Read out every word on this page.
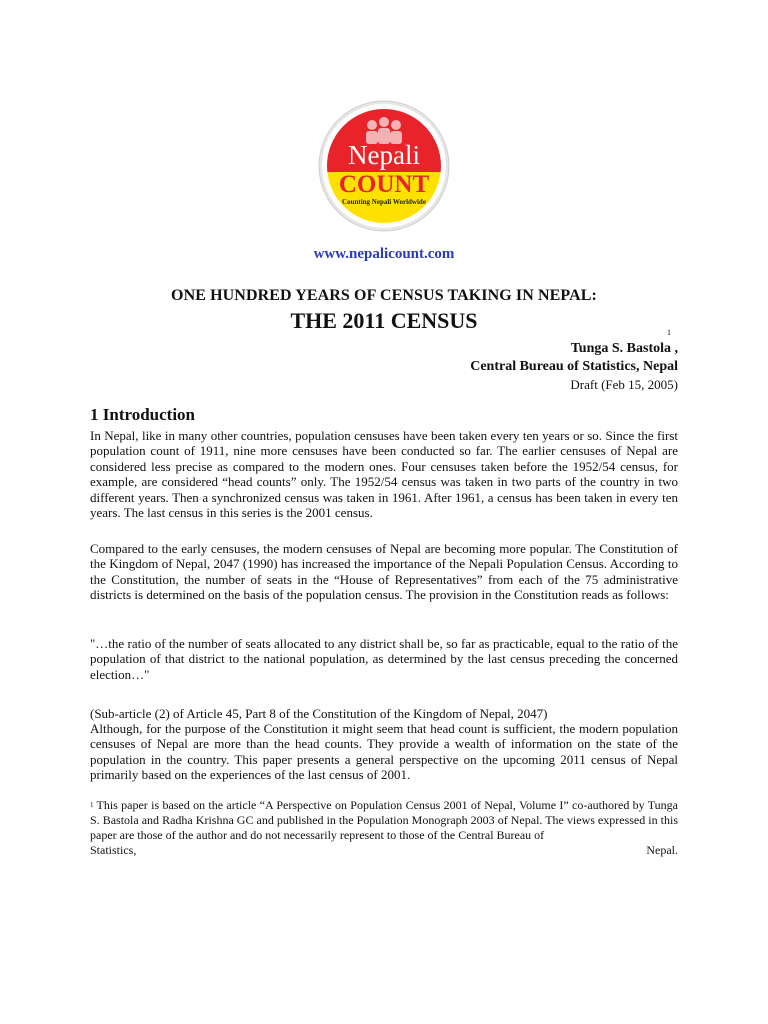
Nepali
COUNT
Counting Nepali Worldwide
www.nepalicount.com
ONE HUNDRED YEARS OF CENSUS TAKING IN NEPAL:
THE 2011 CENSUS	1
Tunga S. Bastola ,
Central Bureau of Statistics, Nepal
Draft (Feb 15, 2005)
1 Introduction

In Nepal, like in many other countries, population censuses have been taken every ten years or so. Since the first population count of 1911, nine more censuses have been conducted so far. The earlier censuses of Nepal are considered less precise as compared to the modern ones. Four censuses taken before the 1952/54 census, for example, are considered “head counts” only. The 1952/54 census was taken in two parts of the country in two different years. Then a synchronized census was taken in 1961. After 1961, a census has been taken in every ten years. The last census in this series is the 2001 census.

Compared to the early censuses, the modern censuses of Nepal are becoming more popular. The Constitution of the Kingdom of Nepal, 2047 (1990) has increased the importance of the Nepali Population Census. According to the Constitution, the number of seats in the “House of Representatives” from each of the 75 administrative districts is determined on the basis of the population census. The provision in the Constitution reads as follows:

"…the ratio of the number of seats allocated to any district shall be, so far as practicable, equal to the ratio of the population of that district to the national population, as determined by the last census preceding the concerned election…"

(Sub-article (2) of Article 45, Part 8 of the Constitution of the Kingdom of Nepal, 2047)

Although, for the purpose of the Constitution it might seem that head count is sufficient, the modern population censuses of Nepal are more than the head counts. They provide a wealth of information on the state of the population in the country. This paper presents a general perspective on the upcoming 2011 census of Nepal primarily based on the experiences of the last census of 2001.

$^1$ This paper is based on the article “A Perspective on Population Census 2001 of Nepal, Volume I” co-authored by Tunga S. Bastola and Radha Krishna GC and published in the Population Monograph 2003 of Nepal. The views expressed in this paper are those of the author and do not necessarily represent to those of the Central Bureau of
Statistics,	Nepal.
